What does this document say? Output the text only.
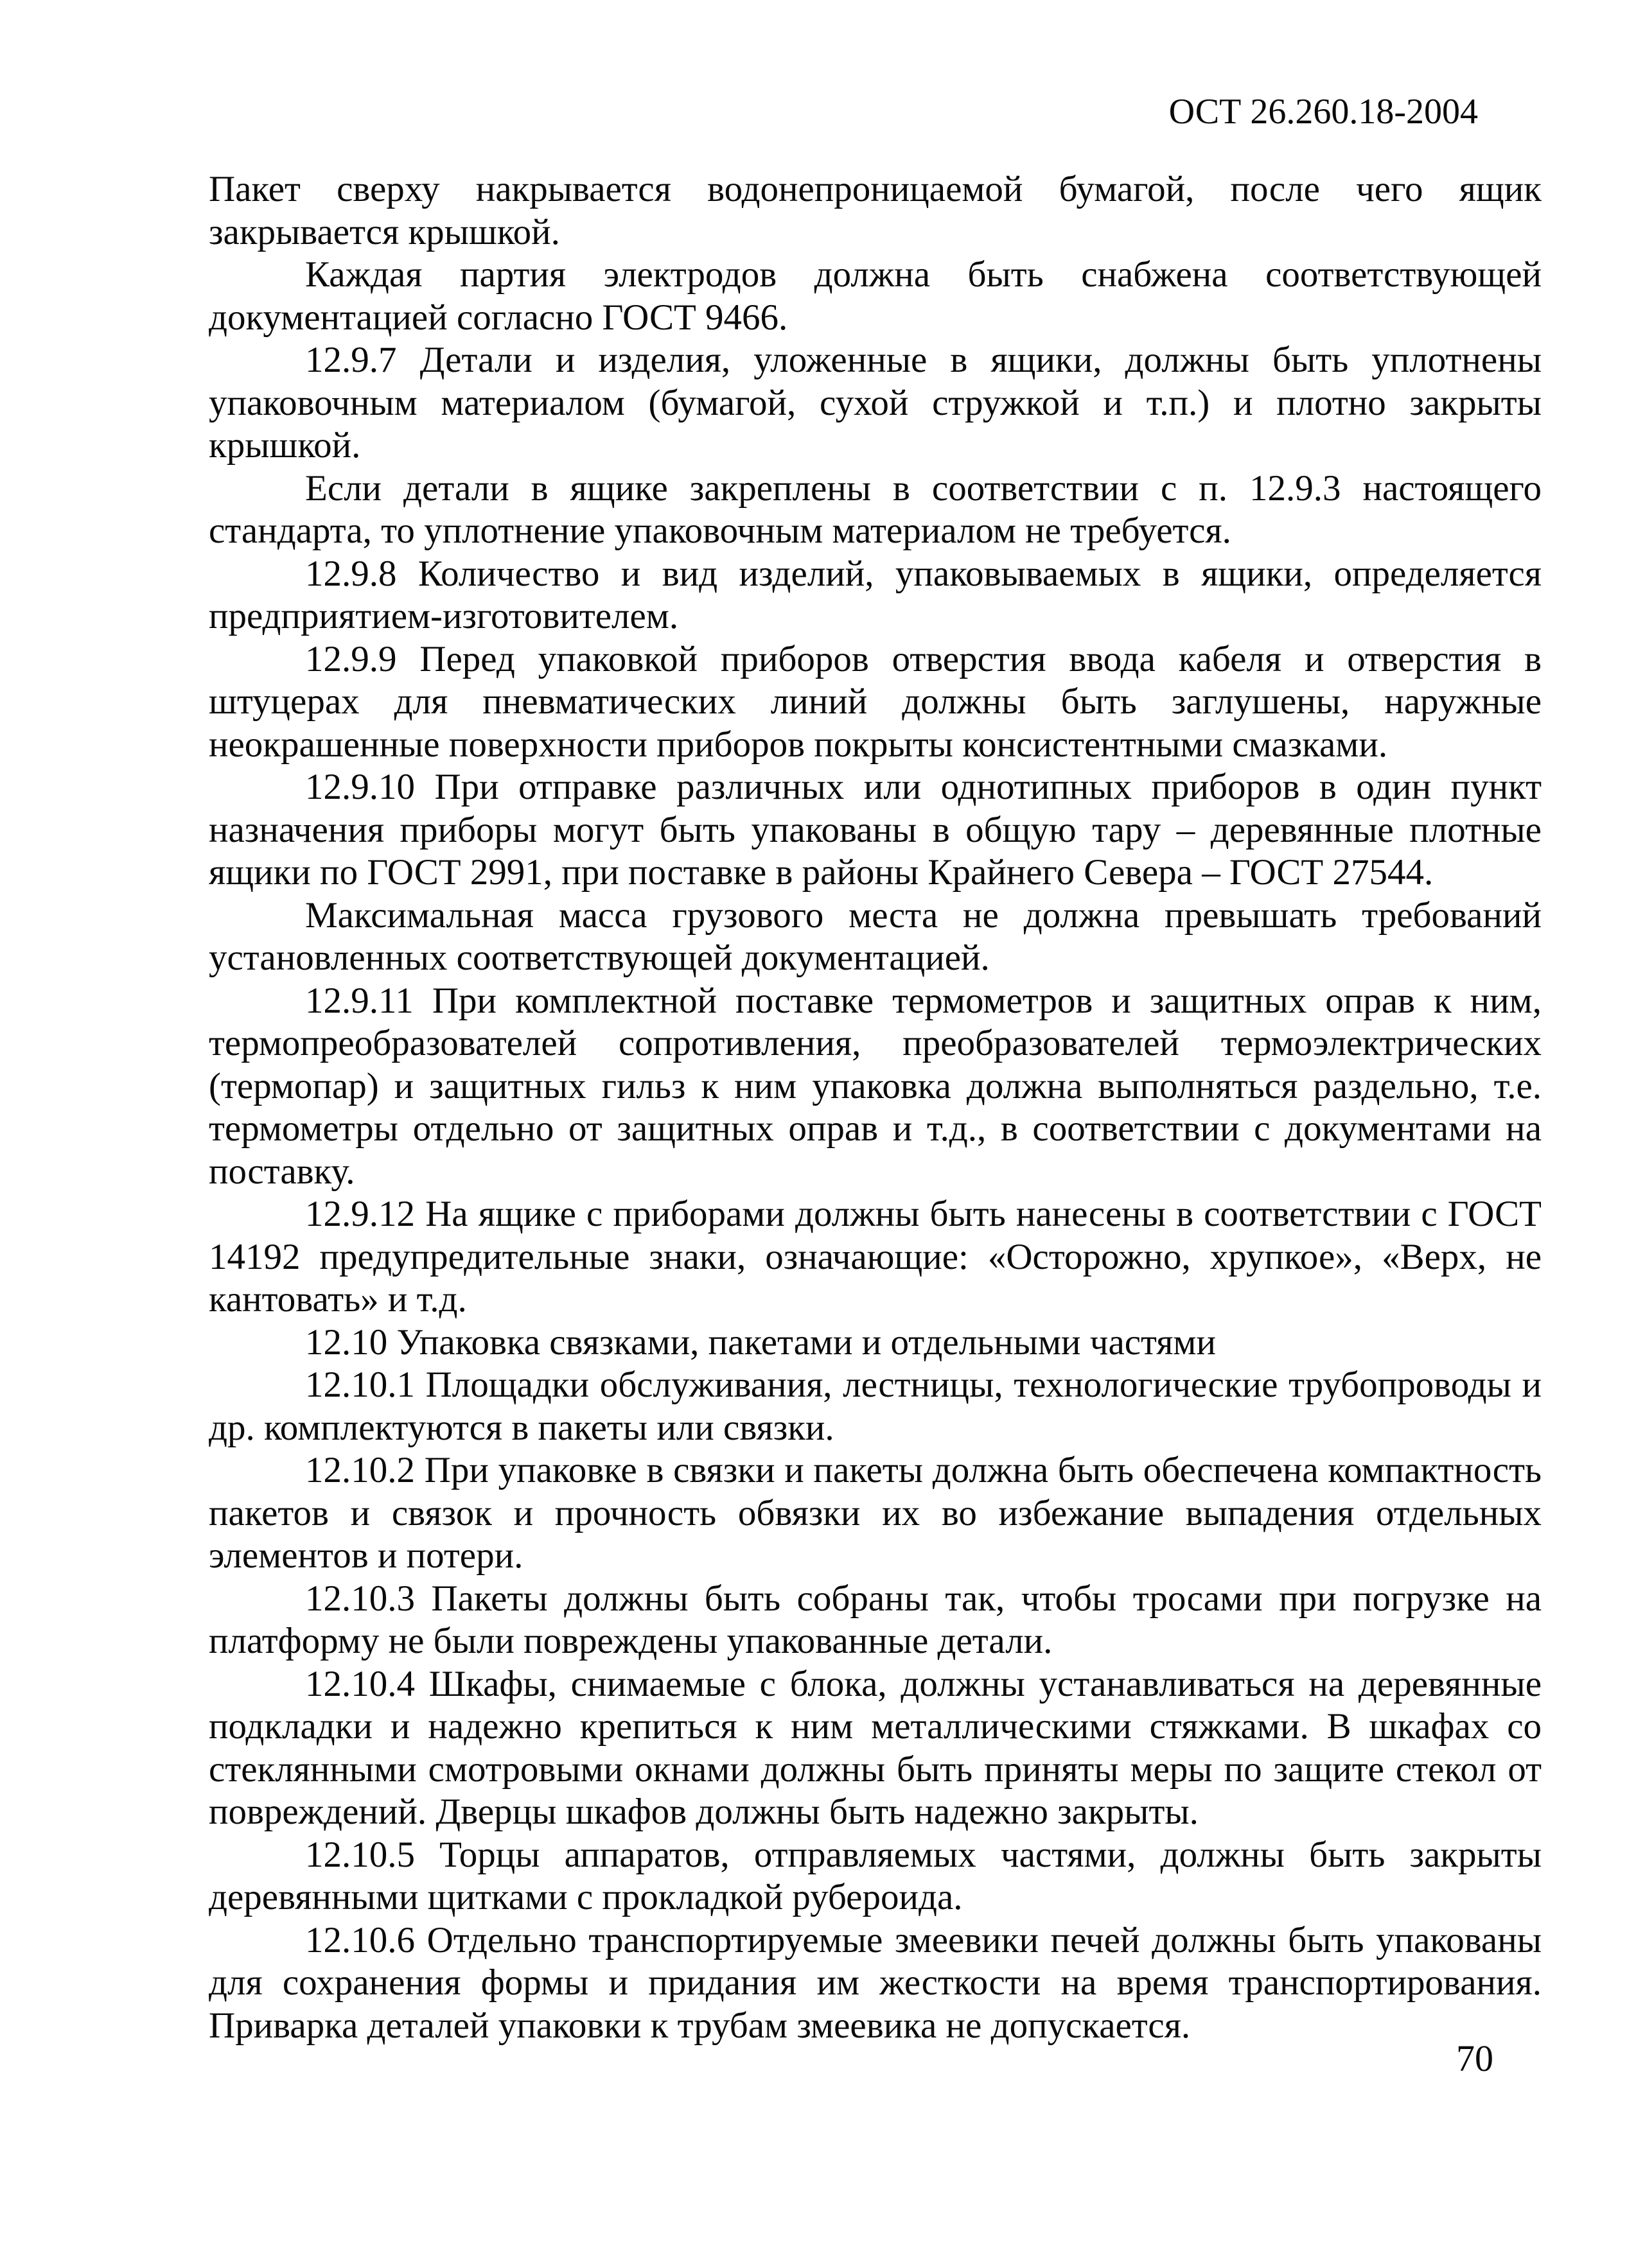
ОСТ 26.260.18-2004

Пакет сверху накрывается водонепроницаемой бумагой, после чего ящик закрывается крышкой.

Каждая партия электродов должна быть снабжена соответствующей документацией согласно ГОСТ 9466.

12.9.7 Детали и изделия, уложенные в ящики, должны быть уплотнены упаковочным материалом (бумагой, сухой стружкой и т.п.) и плотно закрыты крышкой.

Если детали в ящике закреплены в соответствии с п. 12.9.3 настоящего стандарта, то уплотнение упаковочным материалом не требуется.

12.9.8 Количество и вид изделий, упаковываемых в ящики, определяется предприятием-изготовителем.

12.9.9 Перед упаковкой приборов отверстия ввода кабеля и отверстия в штуцерах для пневматических линий должны быть заглушены, наружные неокрашенные поверхности приборов покрыты консистентными смазками.

12.9.10 При отправке различных или однотипных приборов в один пункт назначения приборы могут быть упакованы в общую тару – деревянные плотные ящики по ГОСТ 2991, при поставке в районы Крайнего Севера – ГОСТ 27544.

Максимальная масса грузового места не должна превышать требований установленных соответствующей документацией.

12.9.11 При комплектной поставке термометров и защитных оправ к ним, термопреобразователей сопротивления, преобразователей термоэлектрических (термопар) и защитных гильз к ним упаковка должна выполняться раздельно, т.е. термометры отдельно от защитных оправ и т.д., в соответствии с документами на поставку.

12.9.12 На ящике с приборами должны быть нанесены в соответствии с ГОСТ 14192 предупредительные знаки, означающие: «Осторожно, хрупкое», «Верх, не кантовать» и т.д.

12.10 Упаковка связками, пакетами и отдельными частями

12.10.1 Площадки обслуживания, лестницы, технологические трубопроводы и др. комплектуются в пакеты или связки.

12.10.2 При упаковке в связки и пакеты должна быть обеспечена компактность пакетов и связок и прочность обвязки их во избежание выпадения отдельных элементов и потери.

12.10.3 Пакеты должны быть собраны так, чтобы тросами при погрузке на платформу не были повреждены упакованные детали.

12.10.4 Шкафы, снимаемые с блока, должны устанавливаться на деревянные подкладки и надежно крепиться к ним металлическими стяжками. В шкафах со стеклянными смотровыми окнами должны быть приняты меры по защите стекол от повреждений. Дверцы шкафов должны быть надежно закрыты.

12.10.5 Торцы аппаратов, отправляемых частями, должны быть закрыты деревянными щитками с прокладкой рубероида.

12.10.6 Отдельно транспортируемые змеевики печей должны быть упакованы для сохранения формы и придания им жесткости на время транспортирования. Приварка деталей упаковки к трубам змеевика не допускается.

70
